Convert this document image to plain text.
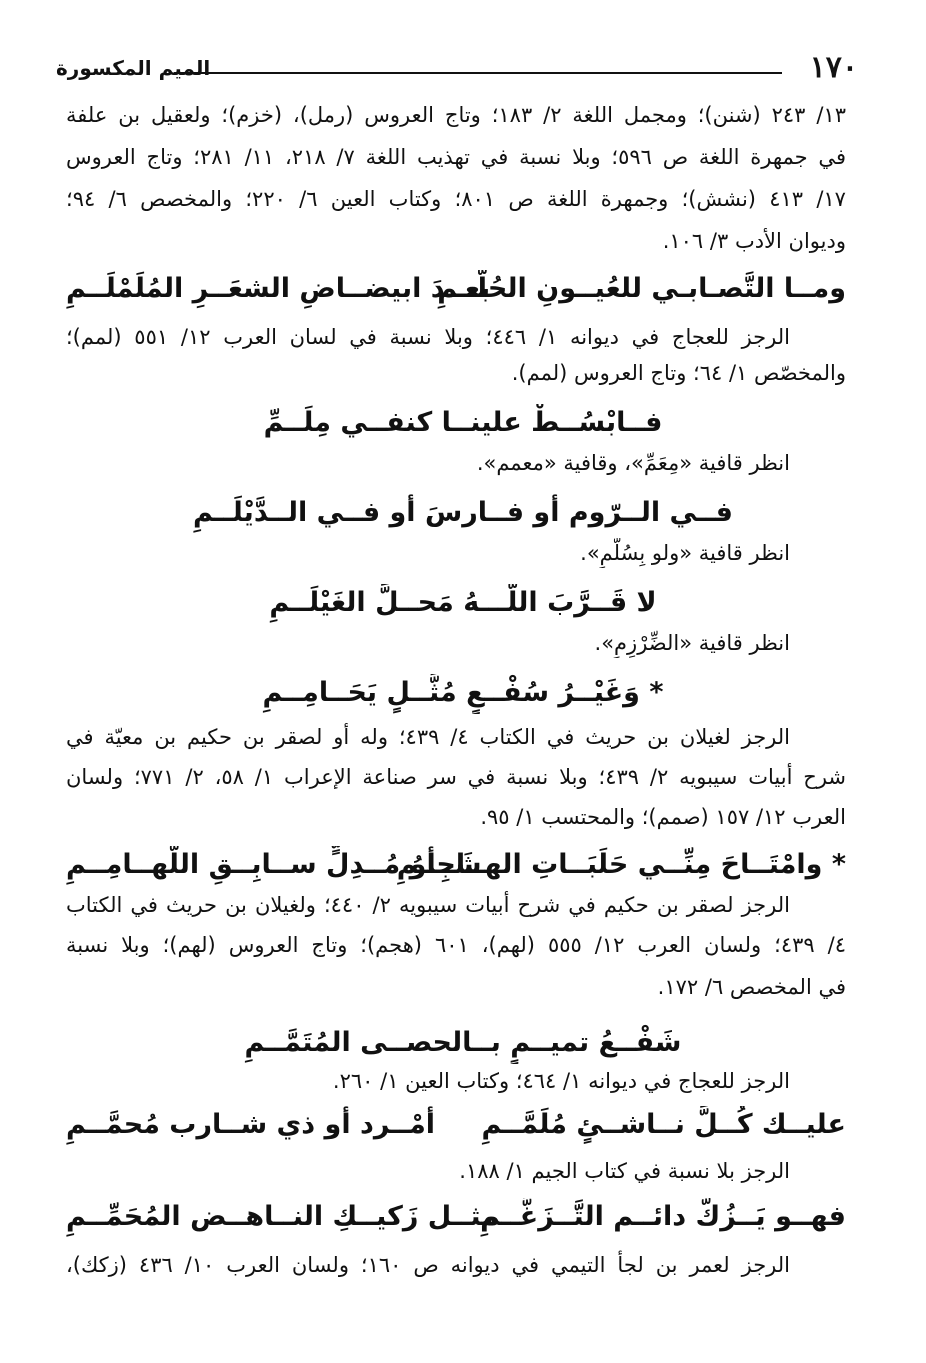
١٧٠
الميم المكسورة
١٣/ ٢٤٣ (شنن)؛ ومجمل اللغة ٢/ ١٨٣؛ وتاج العروس (رمل)، (خزم)؛ ولعقيل بن علفة
في جمهرة اللغة ص ٥٩٦؛ وبلا نسبة في تهذيب اللغة ٧/ ٢١٨، ١١/ ٢٨١؛ وتاج العروس
١٧/ ٤١٣ (نشش)؛ وجمهرة اللغة ص ٨٠١؛ وكتاب العين ٦/ ٢٢٠؛ والمخصص ٦/ ٩٤؛
وديوان الأدب ٣/ ١٠٦.
ومــا التَّصـابـي للعُيــونِ الحُلَّــمِ
بعــدَ ابيضــاضِ الشعَــرِ المُلَمْلَــمِ
الرجز للعجاج في ديوانه ١/ ٤٤٦؛ وبلا نسبة في لسان العرب ١٢/ ٥٥١ (لمم)؛
والمخصّص ١/ ٦٤؛ وتاج العروس (لمم).
فــابْسُــطْ علينــا كنفــي مِلَــمِّ
انظر قافية «مِعَمِّ»، وقافية «معمم».
فــي الــرّوم أو فــارسَ أو فــي الــدَّيْلَــمِ
انظر قافية «ولو بِسُلَّمِ».
لا قَــرَّبَ اللَّـــهُ مَحــلَّ الغَيْلَــمِ
انظر قافية «الضِّرْزِمِ».
* وَغَيْــرُ سُفْــعٍ مُثَّــلٍ يَحَــامِــمِ
الرجز لغيلان بن حريث في الكتاب ٤/ ٤٣٩؛ وله أو لصقر بن حكيم بن معيّة في
شرح أبيات سيبويه ٢/ ٤٣٩؛ وبلا نسبة في سر صناعة الإعراب ١/ ٥٨، ٢/ ٧٧١؛ ولسان
العرب ١٢/ ١٥٧ (صمم)؛ والمحتسب ١/ ٩٥.
* وامْتَــاحَ مِنِّــي حَلَبَــاتِ الهــاجِــمِ
شَــأوُ مُــدِلٍّ ســابِــقِ اللَّهــامِــمِ
الرجز لصقر بن حكيم في شرح أبيات سيبويه ٢/ ٤٤٠؛ ولغيلان بن حريث في الكتاب
٤/ ٤٣٩؛ ولسان العرب ١٢/ ٥٥٥ (لهم)، ٦٠١ (هجم)؛ وتاج العروس (لهم)؛ وبلا نسبة
في المخصص ٦/ ١٧٢.
شَفْــعُ تميــمٍ بــالحصــى المُتَمَّــمِ
الرجز للعجاج في ديوانه ١/ ٤٦٤؛ وكتاب العين ١/ ٢٦٠.
عليــك كُــلَّ نــاشــئٍ مُلَمَّــمِ
أمْــرد أو ذي شــارب مُحمَّــمِ
الرجز بلا نسبة في كتاب الجيم ١/ ١٨٨.
فهــو يَــزُكُّ دائــم التَّــزَغُّــمِ
مثــل زَكيــكِ النــاهــض المُحَمِّــمِ
الرجز لعمر بن لجأ التيمي في ديوانه ص ١٦٠؛ ولسان العرب ١٠/ ٤٣٦ (زكك)،
